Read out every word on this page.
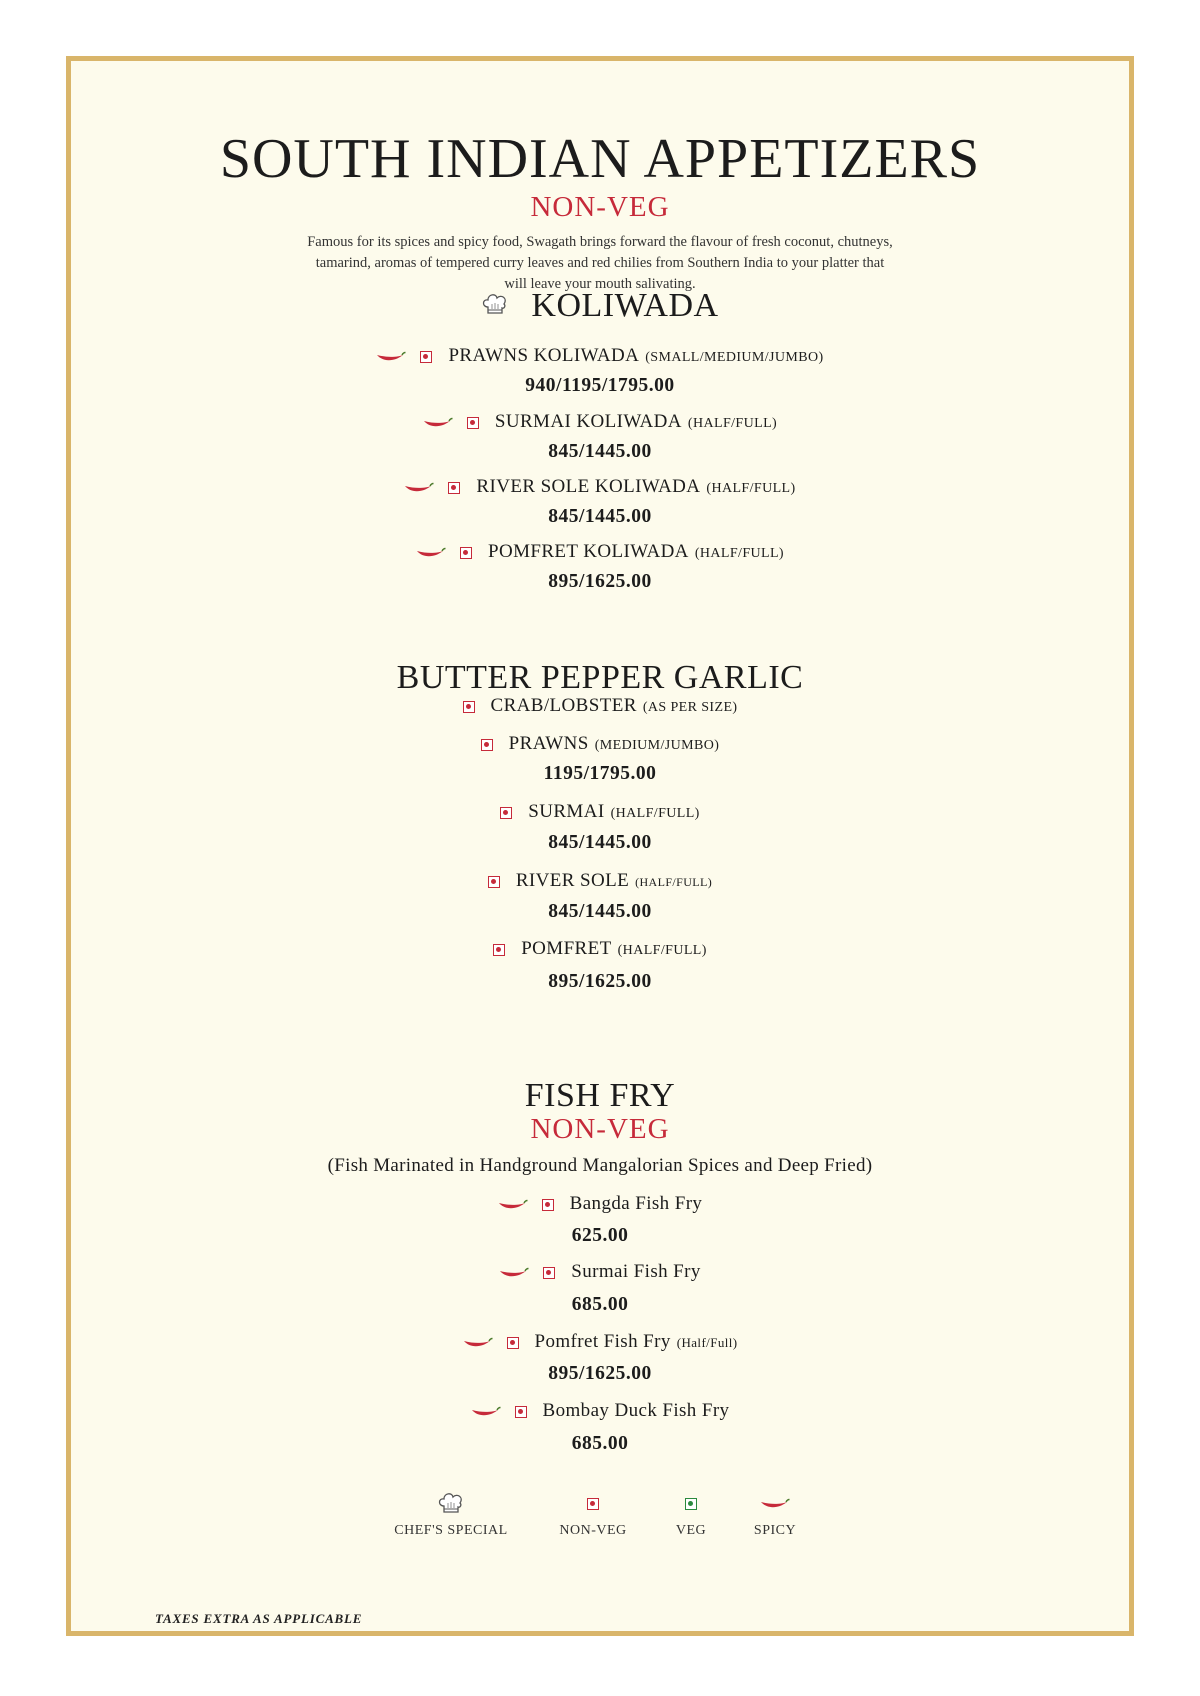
SOUTH INDIAN APPETIZERS
NON-VEG
Famous for its spices and spicy food, Swagath brings forward the flavour of fresh coconut, chutneys,
tamarind, aromas of tempered curry leaves and red chilies from Southern India to your platter that
will leave your mouth salivating.
KOLIWADA
PRAWNS KOLIWADA (SMALL/MEDIUM/JUMBO)
940/1195/1795.00
SURMAI KOLIWADA (HALF/FULL)
845/1445.00
RIVER SOLE KOLIWADA (HALF/FULL)
845/1445.00
POMFRET KOLIWADA (HALF/FULL)
895/1625.00
BUTTER PEPPER GARLIC
CRAB/LOBSTER (AS PER SIZE)
PRAWNS (MEDIUM/JUMBO)
1195/1795.00
SURMAI (HALF/FULL)
845/1445.00
RIVER SOLE (HALF/FULL)
845/1445.00
POMFRET (HALF/FULL)
895/1625.00
FISH FRY
NON-VEG
(Fish Marinated in Handground Mangalorian Spices and Deep Fried)
Bangda Fish Fry
625.00
Surmai Fish Fry
685.00
Pomfret Fish Fry (Half/Full)
895/1625.00
Bombay Duck Fish Fry
685.00
CHEF'S SPECIAL	NON-VEG	VEG	SPICY
TAXES EXTRA AS APPLICABLE
